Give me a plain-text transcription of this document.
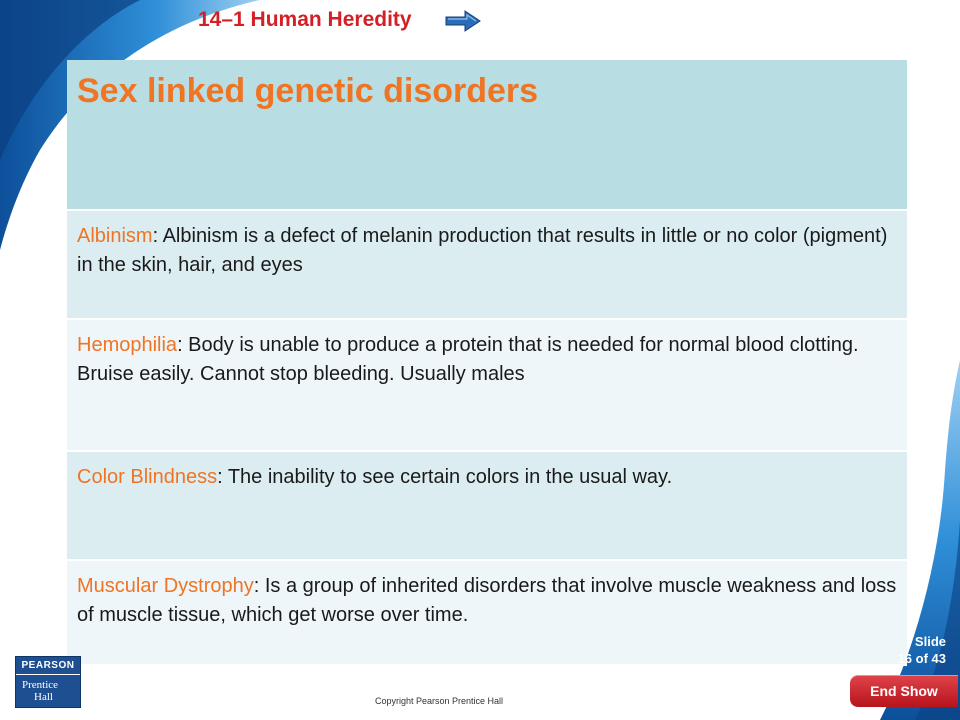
14–1 Human Heredity
Sex linked genetic disorders

Albinism: Albinism is a defect of melanin production that results in little or no color (pigment) in the skin, hair, and eyes
Hemophilia: Body is unable to produce a protein that is needed for normal blood clotting. Bruise easily. Cannot stop bleeding. Usually males
Color Blindness: The inability to see certain colors in the usual way.
Muscular Dystrophy: Is a group of inherited disorders that involve muscle weakness and loss of muscle tissue, which get worse over time.
PEARSON
Prentice
Hall	Copyright Pearson Prentice Hall
Slide
16 of 43
End Show
